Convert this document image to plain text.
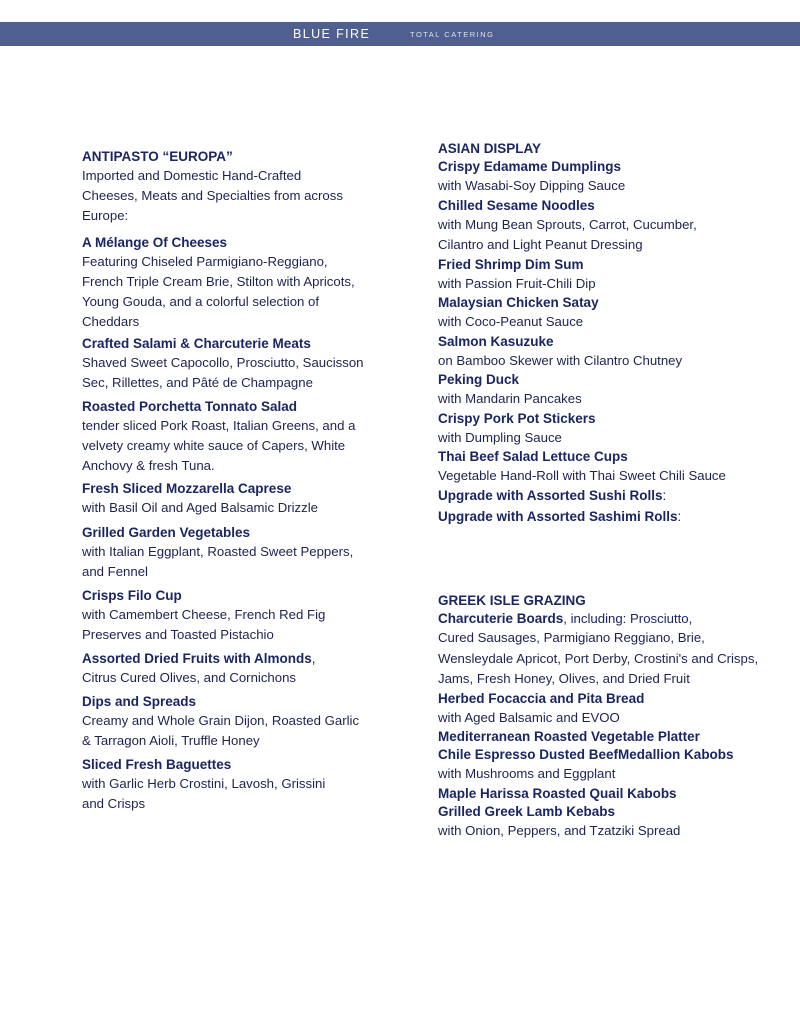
BLUE FIRE	TOTAL CATERING
ANTIPASTO “EUROPA”
Imported and Domestic Hand-Crafted
Cheeses, Meats and Specialties from across
Europe:
A Mélange Of Cheeses
Featuring Chiseled Parmigiano-Reggiano,
French Triple Cream Brie, Stilton with Apricots,
Young Gouda, and a colorful selection of
Cheddars
Crafted Salami & Charcuterie Meats
Shaved Sweet Capocollo, Prosciutto, Saucisson
Sec, Rillettes, and Pâté de Champagne
Roasted Porchetta Tonnato Salad
tender sliced Pork Roast, Italian Greens, and a
velvety creamy white sauce of Capers, White
Anchovy & fresh Tuna.
Fresh Sliced Mozzarella Caprese
with Basil Oil and Aged Balsamic Drizzle
Grilled Garden Vegetables
with Italian Eggplant, Roasted Sweet Peppers,
and Fennel
Crisps Filo Cup
with Camembert Cheese, French Red Fig
Preserves and Toasted Pistachio
Assorted Dried Fruits with Almonds,
Citrus Cured Olives, and Cornichons
Dips and Spreads
Creamy and Whole Grain Dijon, Roasted Garlic
& Tarragon Aioli, Truffle Honey
Sliced Fresh Baguettes
with Garlic Herb Crostini, Lavosh, Grissini
and Crisps
ASIAN DISPLAY
Crispy Edamame Dumplings
with Wasabi-Soy Dipping Sauce
Chilled Sesame Noodles
with Mung Bean Sprouts, Carrot, Cucumber,
Cilantro and Light Peanut Dressing
Fried Shrimp Dim Sum
with Passion Fruit-Chili Dip
Malaysian Chicken Satay
with Coco-Peanut Sauce
Salmon Kasuzuke
on Bamboo Skewer with Cilantro Chutney
Peking Duck
with Mandarin Pancakes
Crispy Pork Pot Stickers
with Dumpling Sauce
Thai Beef Salad Lettuce Cups
Vegetable Hand-Roll with Thai Sweet Chili Sauce
Upgrade with Assorted Sushi Rolls:
Upgrade with Assorted Sashimi Rolls:
GREEK ISLE GRAZING
Charcuterie Boards, including: Prosciutto,
Cured Sausages, Parmigiano Reggiano, Brie,
Wensleydale Apricot, Port Derby, Crostini's and Crisps,
Jams, Fresh Honey, Olives, and Dried Fruit
Herbed Focaccia and Pita Bread
with Aged Balsamic and EVOO
Mediterranean Roasted Vegetable Platter
Chile Espresso Dusted BeefMedallion Kabobs
with Mushrooms and Eggplant
Maple Harissa Roasted Quail Kabobs
Grilled Greek Lamb Kebabs
with Onion, Peppers, and Tzatziki Spread
